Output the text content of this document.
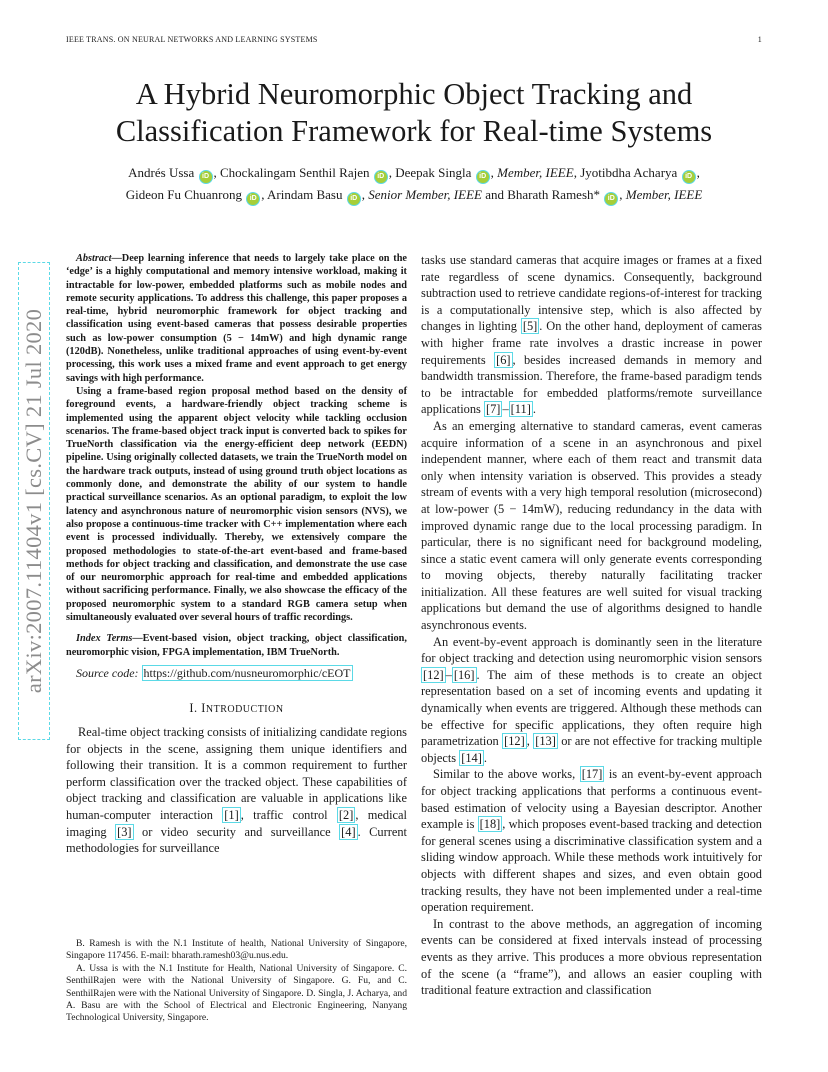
IEEE TRANS. ON NEURAL NETWORKS AND LEARNING SYSTEMS	1
A Hybrid Neuromorphic Object Tracking and
Classification Framework for Real-time Systems
Andrés Ussa iD , Chockalingam Senthil Rajen iD , Deepak Singla iD , Member, IEEE, Jyotibdha Acharya iD ,
Gideon Fu Chuanrong iD , Arindam Basu iD , Senior Member, IEEE and Bharath Ramesh* iD , Member, IEEE
arXiv:2007.11404v1 [cs.CV] 21 Jul 2020

Abstract—Deep learning inference that needs to largely take place on the ‘edge’ is a highly computational and memory intensive workload, making it intractable for low-power, embedded platforms such as mobile nodes and remote security applications. To address this challenge, this paper proposes a real-time, hybrid neuromorphic framework for object tracking and classification using event-based cameras that possess desirable properties such as low-power consumption (5 − 14mW) and high dynamic range (120dB). Nonetheless, unlike traditional approaches of using event-by-event processing, this work uses a mixed frame and event approach to get energy savings with high performance.

Using a frame-based region proposal method based on the density of foreground events, a hardware-friendly object tracking scheme is implemented using the apparent object velocity while tackling occlusion scenarios. The frame-based object track input is converted back to spikes for TrueNorth classification via the energy-efficient deep network (EEDN) pipeline. Using originally collected datasets, we train the TrueNorth model on the hardware track outputs, instead of using ground truth object locations as commonly done, and demonstrate the ability of our system to handle practical surveillance scenarios. As an optional paradigm, to exploit the low latency and asynchronous nature of neuromorphic vision sensors (NVS), we also propose a continuous-time tracker with C++ implementation where each event is processed individually. Thereby, we extensively compare the proposed methodologies to state-of-the-art event-based and frame-based methods for object tracking and classification, and demonstrate the use case of our neuromorphic approach for real-time and embedded applications without sacrificing performance. Finally, we also showcase the efficacy of the proposed neuromorphic system to a standard RGB camera setup when simultaneously evaluated over several hours of traffic recordings.

Index Terms—Event-based vision, object tracking, object classification, neuromorphic vision, FPGA implementation, IBM TrueNorth.

Source code: https://github.com/nusneuromorphic/cEOT

I. INTRODUCTION

Real-time object tracking consists of initializing candidate regions for objects in the scene, assigning them unique identifiers and following their transition. It is a common requirement to further perform classification over the tracked object. These capabilities of object tracking and classification are valuable in applications like human-computer interaction [1] , traffic control [2] , medical imaging [3] or video security and surveillance [4] . Current methodologies for surveillance

B. Ramesh is with the N.1 Institute of health, National University of Singapore, Singapore 117456. E-mail: bharath.ramesh03@u.nus.edu.

A. Ussa is with the N.1 Institute for Health, National University of Singapore. C. SenthilRajen were with the National University of Singapore. G. Fu, and C. SenthilRajen were with the National University of Singapore. D. Singla, J. Acharya, and A. Basu are with the School of Electrical and Electronic Engineering, Nanyang Technological University, Singapore.

tasks use standard cameras that acquire images or frames at a fixed rate regardless of scene dynamics. Consequently, background subtraction used to retrieve candidate regions-of-interest for tracking is a computationally intensive step, which is also affected by changes in lighting [5] . On the other hand, deployment of cameras with higher frame rate involves a drastic increase in power requirements [6] , besides increased demands in memory and bandwidth transmission. Therefore, the frame-based paradigm tends to be intractable for embedded platforms/remote surveillance applications [7] – [11] .

As an emerging alternative to standard cameras, event cameras acquire information of a scene in an asynchronous and pixel independent manner, where each of them react and transmit data only when intensity variation is observed. This provides a steady stream of events with a very high temporal resolution (microsecond) at low-power (5 − 14mW), reducing redundancy in the data with improved dynamic range due to the local processing paradigm. In particular, there is no significant need for background modeling, since a static event camera will only generate events corresponding to moving objects, thereby naturally facilitating tracker initialization. All these features are well suited for visual tracking applications but demand the use of algorithms designed to handle asynchronous events.

An event-by-event approach is dominantly seen in the literature for object tracking and detection using neuromorphic vision sensors [12] – [16] . The aim of these methods is to create an object representation based on a set of incoming events and updating it dynamically when events are triggered. Although these methods can be effective for specific applications, they often require high parametrization [12] , [13] or are not effective for tracking multiple objects [14] .

Similar to the above works, [17] is an event-by-event approach for object tracking applications that performs a continuous event-based estimation of velocity using a Bayesian descriptor. Another example is [18] , which proposes event-based tracking and detection for general scenes using a discriminative classification system and a sliding window approach. While these methods work intuitively for objects with different shapes and sizes, and even obtain good tracking results, they have not been implemented under a real-time operation requirement.

In contrast to the above methods, an aggregation of incoming events can be considered at fixed intervals instead of processing events as they arrive. This produces a more obvious representation of the scene (a “frame”), and allows an easier coupling with traditional feature extraction and classification
